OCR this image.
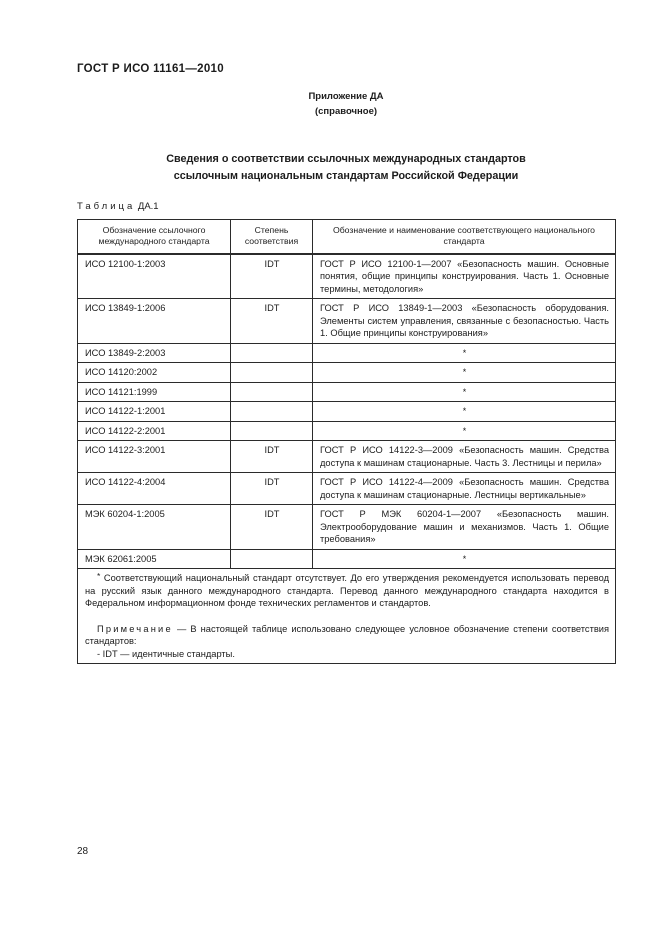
ГОСТ Р ИСО 11161—2010
Приложение ДА
(справочное)
Сведения о соответствии ссылочных международных стандартов
ссылочным национальным стандартам Российской Федерации
Таблица ДА.1
Обозначение ссылочного международного стандарта	Степень соответствия	Обозначение и наименование соответствующего национального стандарта
ИСО 12100-1:2003	IDT	ГОСТ Р ИСО 12100-1—2007 «Безопасность машин. Основные понятия, общие принципы конструирования. Часть 1. Основные термины, методология»
ИСО 13849-1:2006	IDT	ГОСТ Р ИСО 13849-1—2003 «Безопасность оборудования. Элементы систем управления, связанные с безопасностью. Часть 1. Общие принципы конструирования»
ИСО 13849-2:2003		*
ИСО 14120:2002		*
ИСО 14121:1999		*
ИСО 14122-1:2001		*
ИСО 14122-2:2001		*
ИСО 14122-3:2001	IDT	ГОСТ Р ИСО 14122-3—2009 «Безопасность машин. Средства доступа к машинам стационарные. Часть 3. Лестницы и перила»
ИСО 14122-4:2004	IDT	ГОСТ Р ИСО 14122-4—2009 «Безопасность машин. Средства доступа к машинам стационарные. Лестницы вертикальные»
МЭК 60204-1:2005	IDT	ГОСТ Р МЭК 60204-1—2007 «Безопасность машин. Электрооборудование машин и механизмов. Часть 1. Общие требования»
МЭК 62061:2005		*

* Соответствующий национальный стандарт отсутствует. До его утверждения рекомендуется использовать перевод на русский язык данного международного стандарта. Перевод данного международного стандарта находится в Федеральном информационном фонде технических регламентов и стандартов.

Примечание — В настоящей таблице использовано следующее условное обозначение степени соответствия стандартов:

- IDT — идентичные стандарты.		

28
